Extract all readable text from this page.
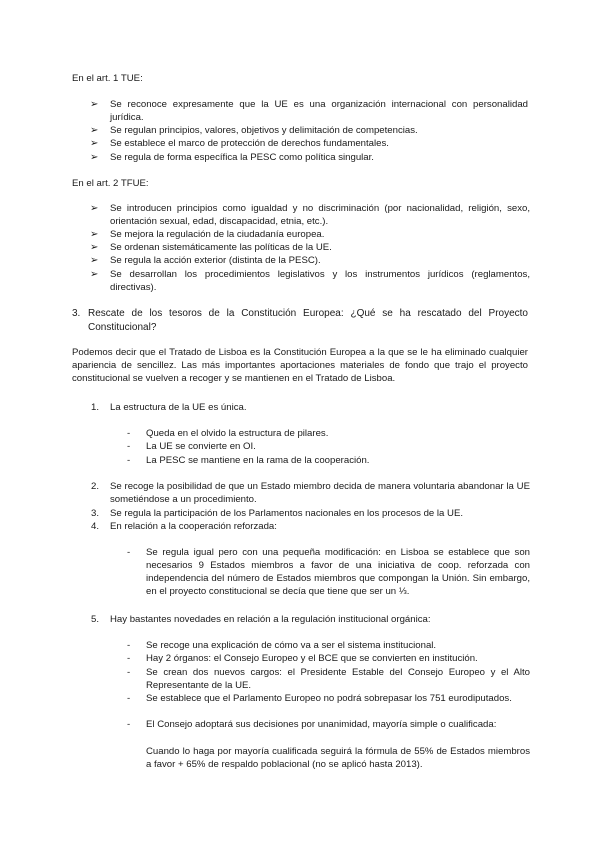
En el art. 1 TUE:
➢ Se reconoce expresamente que la UE es una organización internacional con personalidad jurídica.
➢ Se regulan principios, valores, objetivos y delimitación de competencias.
➢ Se establece el marco de protección de derechos fundamentales.
➢ Se regula de forma específica la PESC como política singular.
En el art. 2 TFUE:
➢ Se introducen principios como igualdad y no discriminación (por nacionalidad, religión, sexo, orientación sexual, edad, discapacidad, etnia, etc.).
➢ Se mejora la regulación de la ciudadanía europea.
➢ Se ordenan sistemáticamente las políticas de la UE.
➢ Se regula la acción exterior (distinta de la PESC).
➢ Se desarrollan los procedimientos legislativos y los instrumentos jurídicos (reglamentos, directivas).
3. Rescate de los tesoros de la Constitución Europea: ¿Qué se ha rescatado del Proyecto Constitucional?
Podemos decir que el Tratado de Lisboa es la Constitución Europea a la que se le ha eliminado cualquier apariencia de sencillez. Las más importantes aportaciones materiales de fondo que trajo el proyecto constitucional se vuelven a recoger y se mantienen en el Tratado de Lisboa.
1. La estructura de la UE es única.
- Queda en el olvido la estructura de pilares.
- La UE se convierte en OI.
- La PESC se mantiene en la rama de la cooperación.
2. Se recoge la posibilidad de que un Estado miembro decida de manera voluntaria abandonar la UE sometiéndose a un procedimiento.
3. Se regula la participación de los Parlamentos nacionales en los procesos de la UE.
4. En relación a la cooperación reforzada:
- Se regula igual pero con una pequeña modificación: en Lisboa se establece que son necesarios 9 Estados miembros a favor de una iniciativa de coop. reforzada con independencia del número de Estados miembros que compongan la Unión. Sin embargo, en el proyecto constitucional se decía que tiene que ser un ⅓.
5. Hay bastantes novedades en relación a la regulación institucional orgánica:
- Se recoge una explicación de cómo va a ser el sistema institucional.
- Hay 2 órganos: el Consejo Europeo y el BCE que se convierten en institución.
- Se crean dos nuevos cargos: el Presidente Estable del Consejo Europeo y el Alto Representante de la UE.
- Se establece que el Parlamento Europeo no podrá sobrepasar los 751 eurodiputados.
- El Consejo adoptará sus decisiones por unanimidad, mayoría simple o cualificada:
Cuando lo haga por mayoría cualificada seguirá la fórmula de 55% de Estados miembros a favor + 65% de respaldo poblacional (no se aplicó hasta 2013).
